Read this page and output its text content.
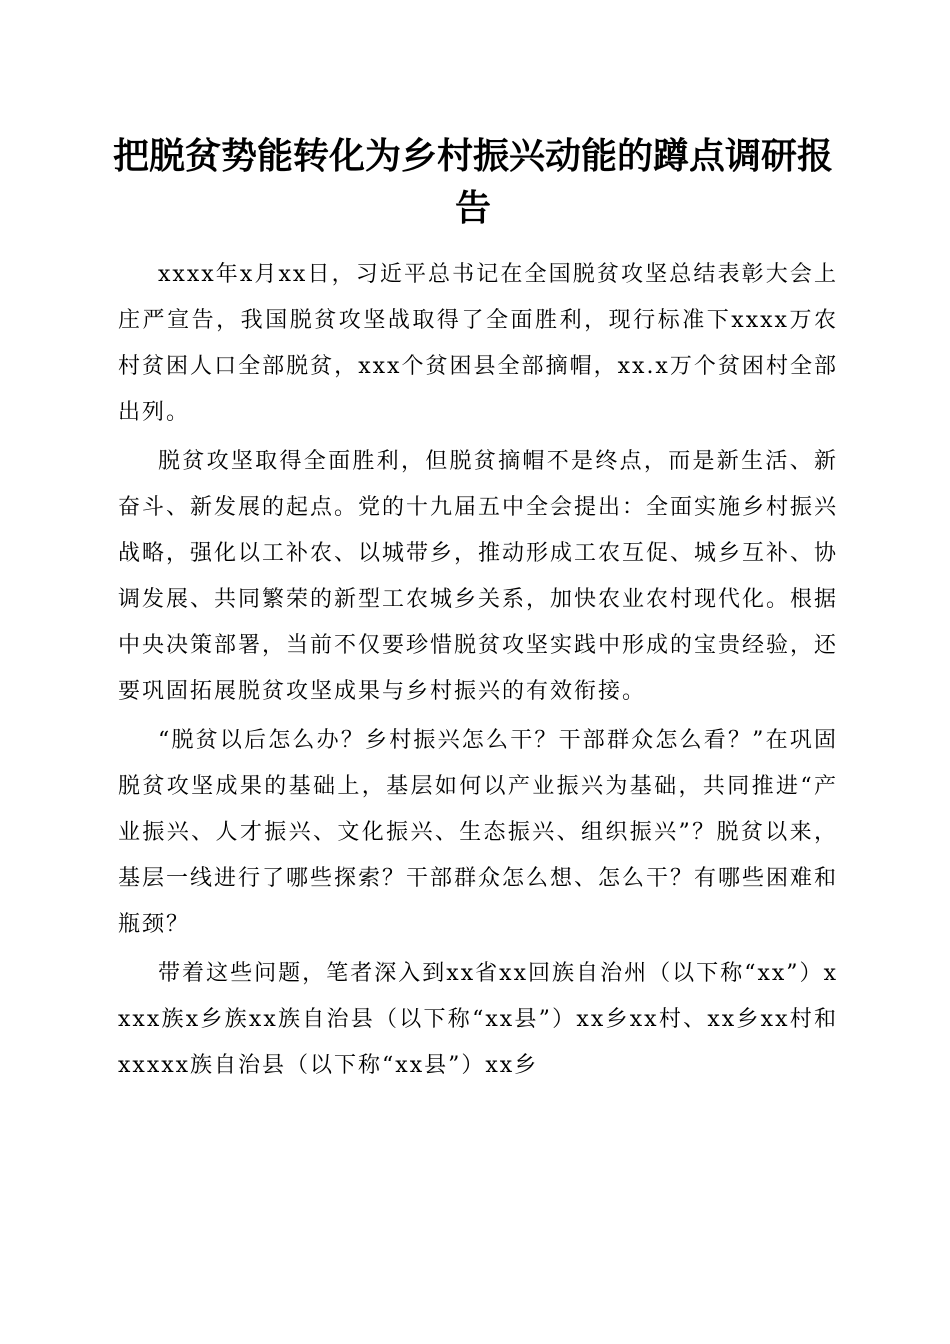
把脱贫势能转化为乡村振兴动能的蹲点调研报告

xxxx年x月xx日，习近平总书记在全国脱贫攻坚总结表彰大会上庄严宣告，我国脱贫攻坚战取得了全面胜利，现行标准下xxxx万农村贫困人口全部脱贫，xxx个贫困县全部摘帽，xx.x万个贫困村全部出列。

脱贫攻坚取得全面胜利，但脱贫摘帽不是终点，而是新生活、新奋斗、新发展的起点。党的十九届五中全会提出：全面实施乡村振兴战略，强化以工补农、以城带乡，推动形成工农互促、城乡互补、协调发展、共同繁荣的新型工农城乡关系，加快农业农村现代化。根据中央决策部署，当前不仅要珍惜脱贫攻坚实践中形成的宝贵经验，还要巩固拓展脱贫攻坚成果与乡村振兴的有效衔接。

“脱贫以后怎么办？乡村振兴怎么干？干部群众怎么看？”在巩固脱贫攻坚成果的基础上，基层如何以产业振兴为基础，共同推进“产业振兴、人才振兴、文化振兴、生态振兴、组织振兴”？脱贫以来，基层一线进行了哪些探索？干部群众怎么想、怎么干？有哪些困难和瓶颈？

带着这些问题，笔者深入到xx省xx回族自治州（以下称“xx”）xxxx族x乡族xx族自治县（以下称“xx县”）xx乡xx村、xx乡xx村和xxxxx族自治县（以下称“xx县”）xx乡
